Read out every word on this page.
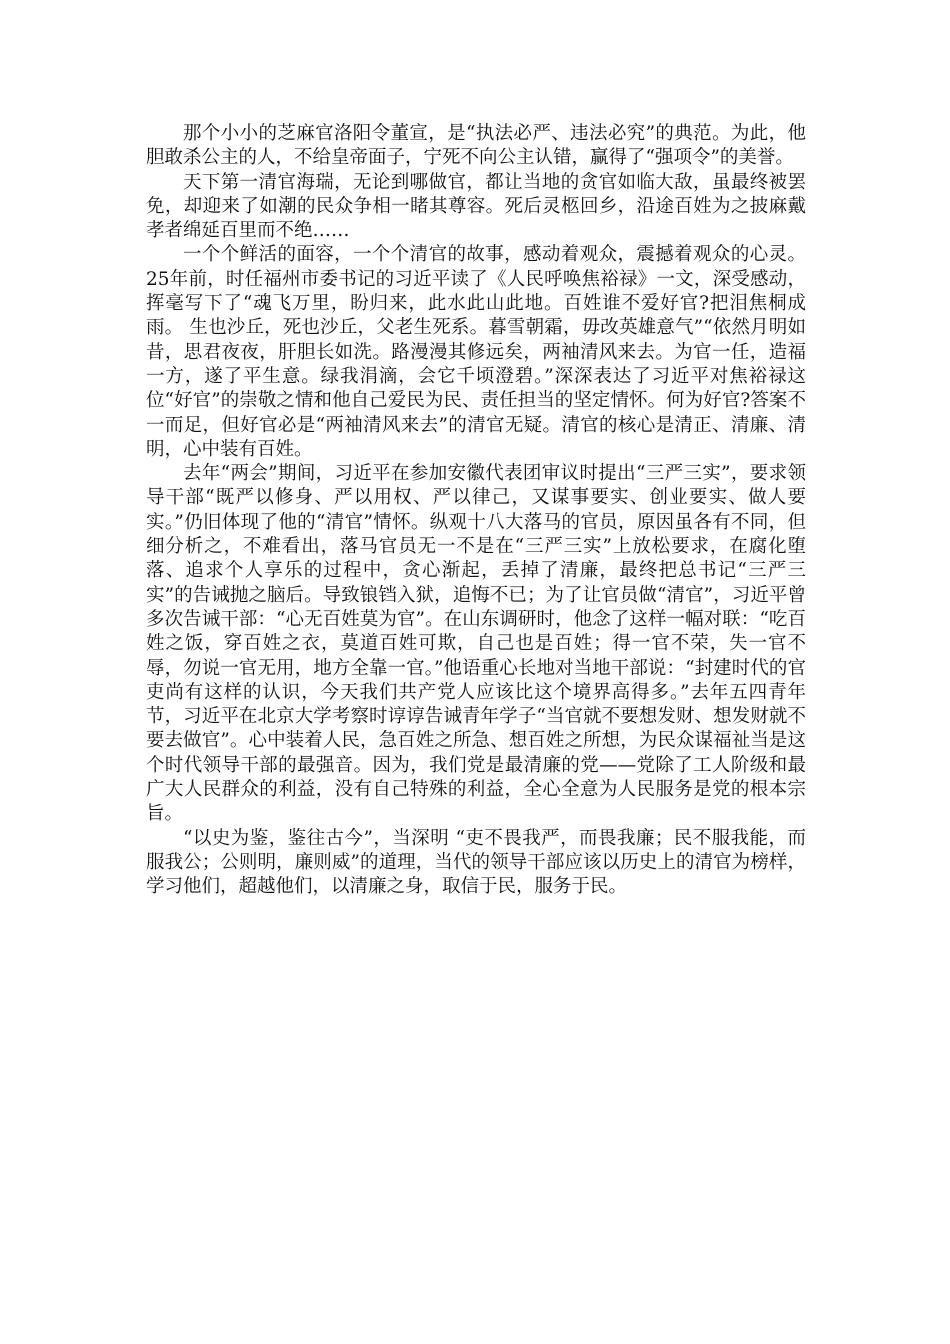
那个小小的芝麻官洛阳令董宣，是“执法必严、违法必究”的典范。为此，他胆敢杀公主的人，不给皇帝面子，宁死不向公主认错，赢得了“强项令”的美誉。

天下第一清官海瑞，无论到哪做官，都让当地的贪官如临大敌，虽最终被罢免，却迎来了如潮的民众争相一睹其尊容。死后灵柩回乡，沿途百姓为之披麻戴孝者绵延百里而不绝……

一个个鲜活的面容，一个个清官的故事，感动着观众，震撼着观众的心灵。25年前，时任福州市委书记的习近平读了《人民呼唤焦裕禄》一文，深受感动，挥毫写下了“魂飞万里，盼归来，此水此山此地。百姓谁不爱好官?把泪焦桐成雨。 生也沙丘，死也沙丘，父老生死系。暮雪朝霜，毋改英雄意气”“依然月明如昔，思君夜夜，肝胆长如洗。路漫漫其修远矣，两袖清风来去。为官一任，造福一方，遂了平生意。绿我涓滴，会它千顷澄碧。”深深表达了习近平对焦裕禄这位“好官”的崇敬之情和他自己爱民为民、责任担当的坚定情怀。何为好官?答案不一而足，但好官必是“两袖清风来去”的清官无疑。清官的核心是清正、清廉、清明，心中装有百姓。

去年“两会”期间，习近平在参加安徽代表团审议时提出“三严三实”，要求领导干部“既严以修身、严以用权、严以律己，又谋事要实、创业要实、做人要实。”仍旧体现了他的“清官”情怀。纵观十八大落马的官员，原因虽各有不同，但细分析之，不难看出，落马官员无一不是在“三严三实”上放松要求，在腐化堕落、追求个人享乐的过程中，贪心渐起，丢掉了清廉，最终把总书记“三严三实”的告诫抛之脑后。导致锒铛入狱，追悔不已；为了让官员做“清官”，习近平曾多次告诫干部：“心无百姓莫为官”。在山东调研时，他念了这样一幅对联：“吃百姓之饭，穿百姓之衣，莫道百姓可欺，自己也是百姓；得一官不荣，失一官不辱，勿说一官无用，地方全靠一官。”他语重心长地对当地干部说：“封建时代的官吏尚有这样的认识，今天我们共产党人应该比这个境界高得多。”去年五四青年节，习近平在北京大学考察时谆谆告诫青年学子“当官就不要想发财、想发财就不要去做官”。心中装着人民，急百姓之所急、想百姓之所想，为民众谋福祉当是这个时代领导干部的最强音。因为，我们党是最清廉的党——党除了工人阶级和最广大人民群众的利益，没有自己特殊的利益，全心全意为人民服务是党的根本宗旨。

“以史为鉴，鉴往古今”，当深明 “吏不畏我严，而畏我廉；民不服我能，而服我公；公则明，廉则威”的道理，当代的领导干部应该以历史上的清官为榜样，学习他们，超越他们，以清廉之身，取信于民，服务于民。
